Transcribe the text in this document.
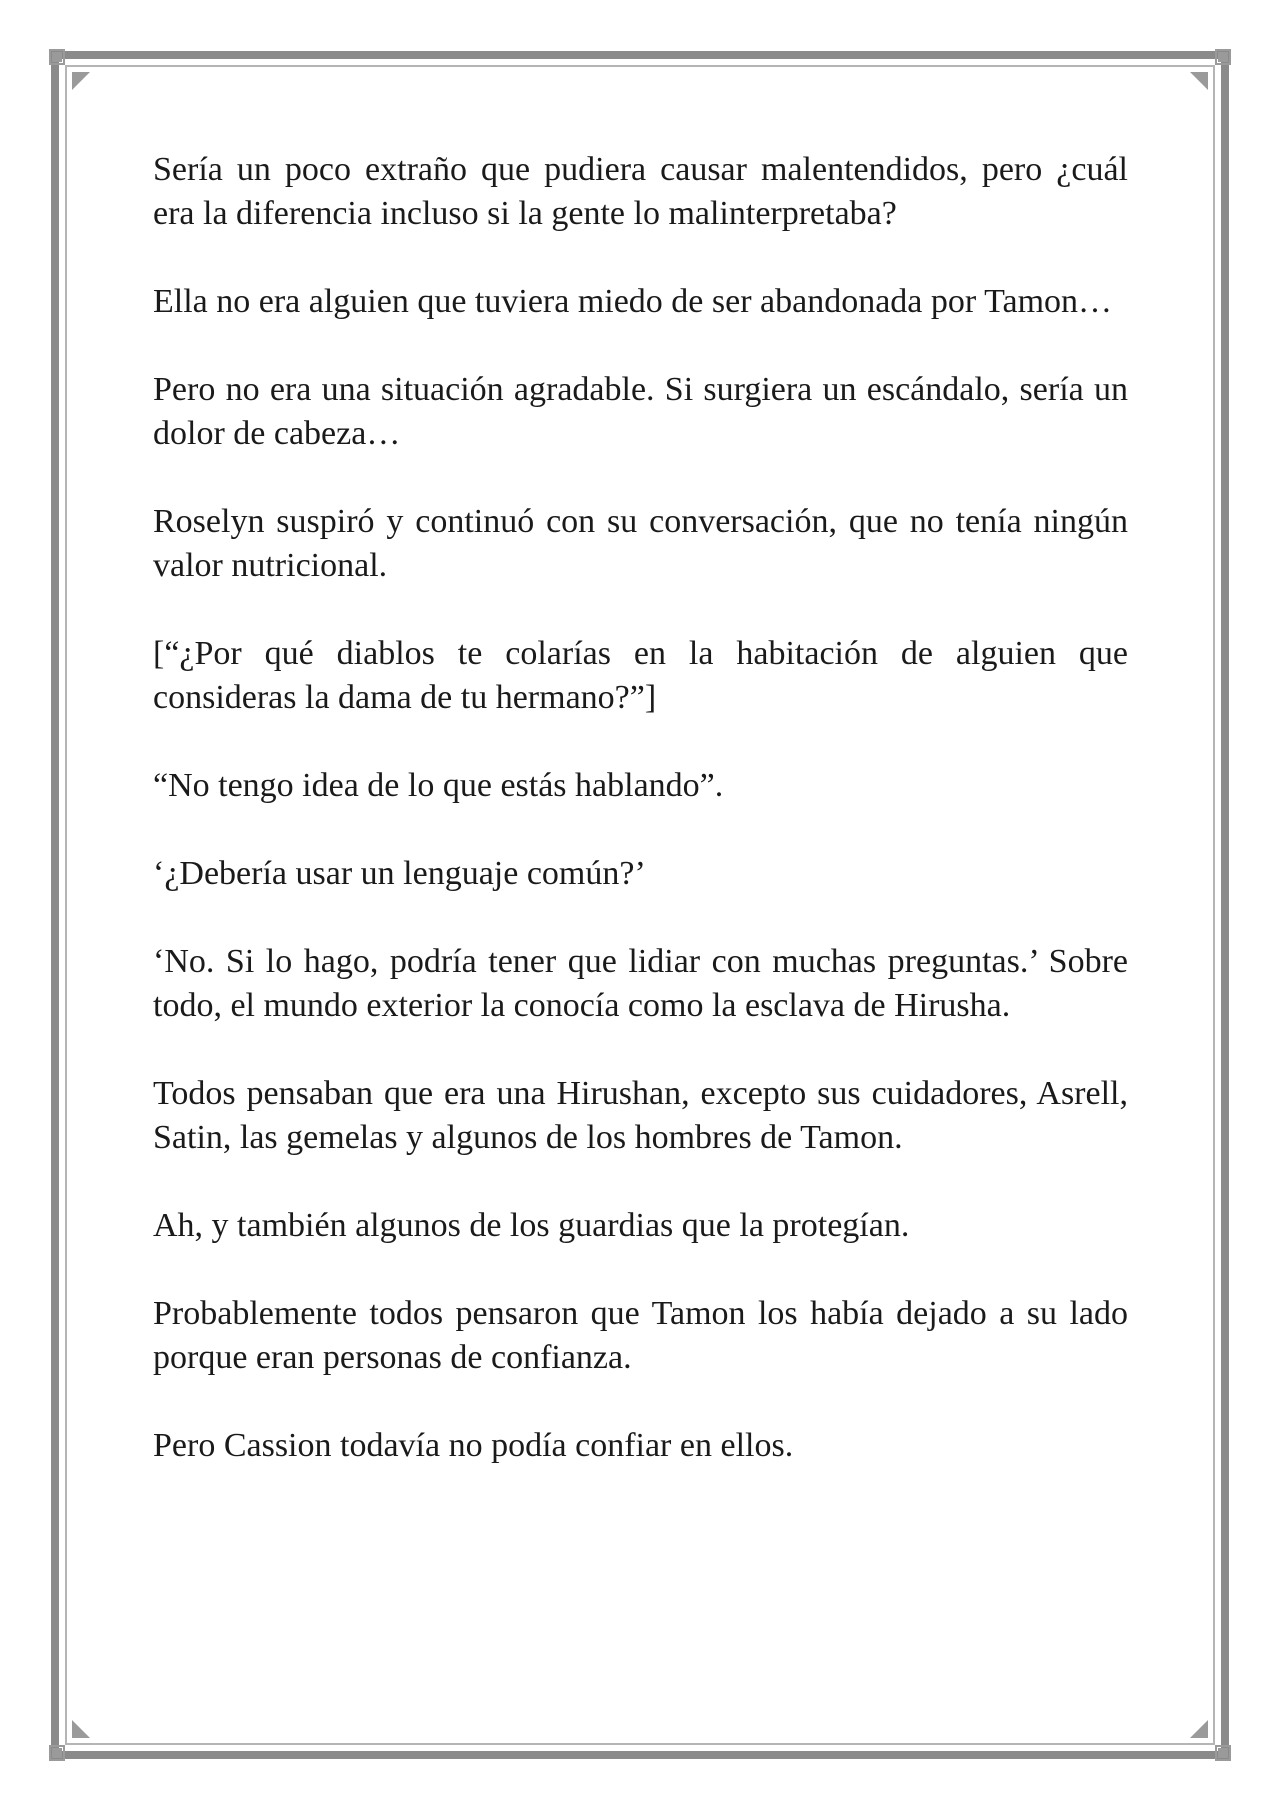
Sería un poco extraño que pudiera causar malentendidos, pero ¿cuál era la diferencia incluso si la gente lo malinterpretaba?

Ella no era alguien que tuviera miedo de ser abandonada por Tamon…

Pero no era una situación agradable. Si surgiera un escándalo, sería un dolor de cabeza…

Roselyn suspiró y continuó con su conversación, que no tenía ningún valor nutricional.

[“¿Por qué diablos te colarías en la habitación de alguien que consideras la dama de tu hermano?”]

“No tengo idea de lo que estás hablando”.

‘¿Debería usar un lenguaje común?’

‘No. Si lo hago, podría tener que lidiar con muchas preguntas.’ Sobre todo, el mundo exterior la conocía como la esclava de Hirusha.

Todos pensaban que era una Hirushan, excepto sus cuidadores, Asrell, Satin, las gemelas y algunos de los hombres de Tamon.

Ah, y también algunos de los guardias que la protegían.

Probablemente todos pensaron que Tamon los había dejado a su lado porque eran personas de confianza.

Pero Cassion todavía no podía confiar en ellos.
